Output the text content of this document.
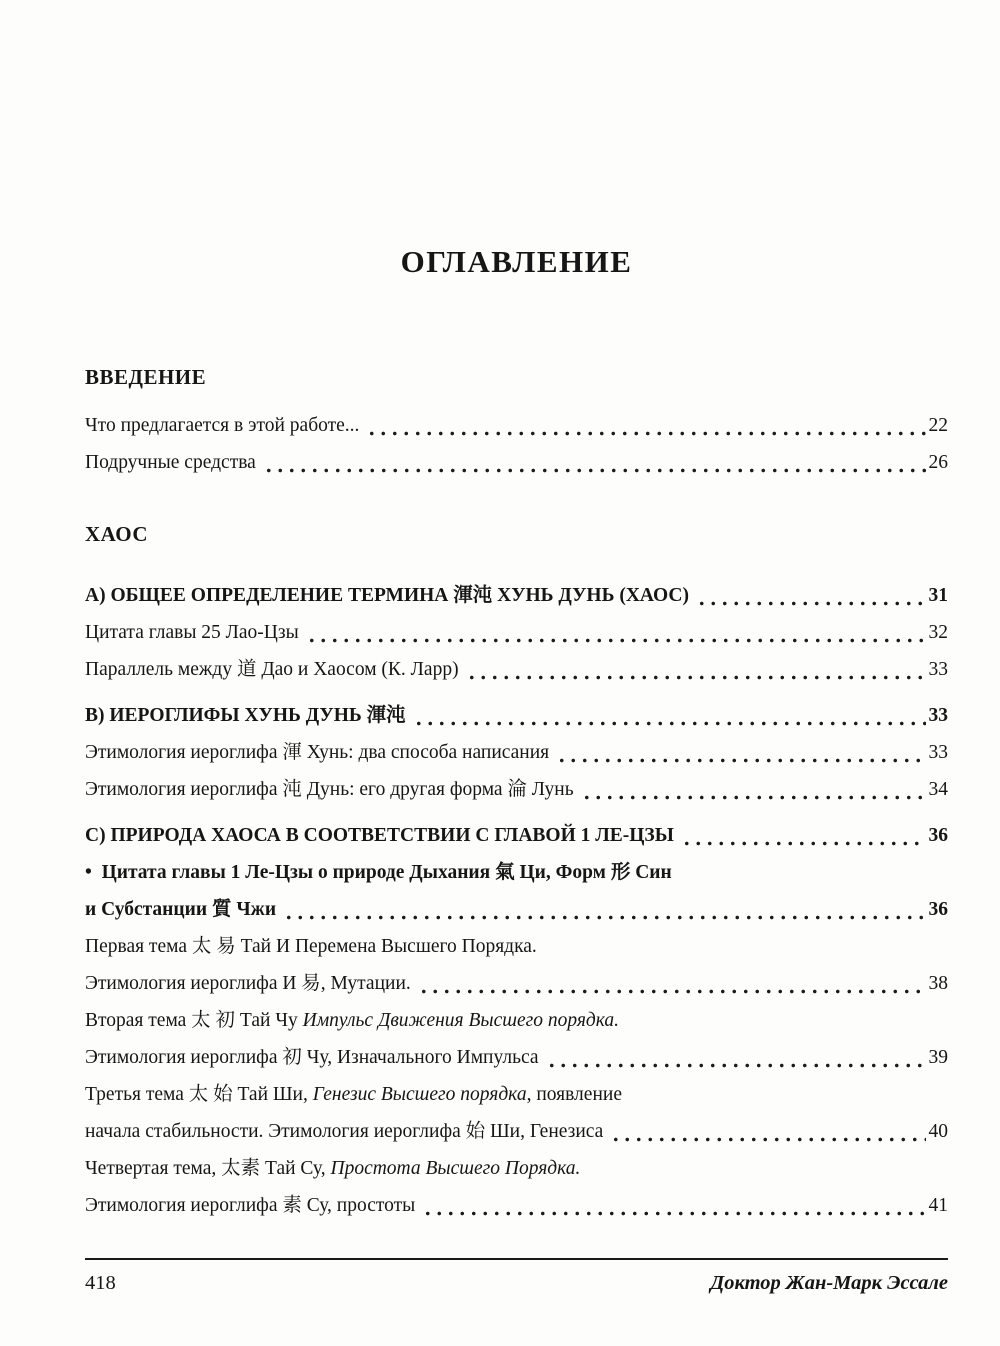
ОГЛАВЛЕНИЕ
ВВЕДЕНИЕ
Что предлагается в этой работе...	22
Подручные средства	26
ХАОС
A) ОБЩЕЕ ОПРЕДЕЛЕНИЕ ТЕРМИНА 渾沌 ХУНЬ ДУНЬ (ХАОС)	31
Цитата главы 25 Лао-Цзы	32
Параллель между 道 Дао и Хаосом (К. Ларр)	33
B) ИЕРОГЛИФЫ ХУНЬ ДУНЬ 渾沌	33
Этимология иероглифа 渾 Хунь: два способа написания	33
Этимология иероглифа 沌 Дунь: его другая форма 淪 Лунь	34
C) ПРИРОДА ХАОСА В СООТВЕТСТВИИ С ГЛАВОЙ 1 ЛЕ-ЦЗЫ	36
•  Цитата главы 1 Ле-Цзы о природе Дыхания 氣 Ци, Форм 形 Син
и Субстанции 質 Чжи	36
Первая тема 太 易 Тай И Перемена Высшего Порядка.
Этимология иероглифа И 易, Мутации.	38
Вторая тема 太 初 Тай Чу Импульс Движения Высшего порядка.
Этимология иероглифа 初 Чу, Изначального Импульса	39
Третья тема 太 始 Тай Ши, Генезис Высшего порядка, появление
начала стабильности. Этимология иероглифа 始 Ши, Генезиса	40
Четвертая тема, 太素 Тай Су, Простота Высшего Порядка.
Этимология иероглифа 素 Су, простоты	41
418	Доктор Жан-Марк Эссале
